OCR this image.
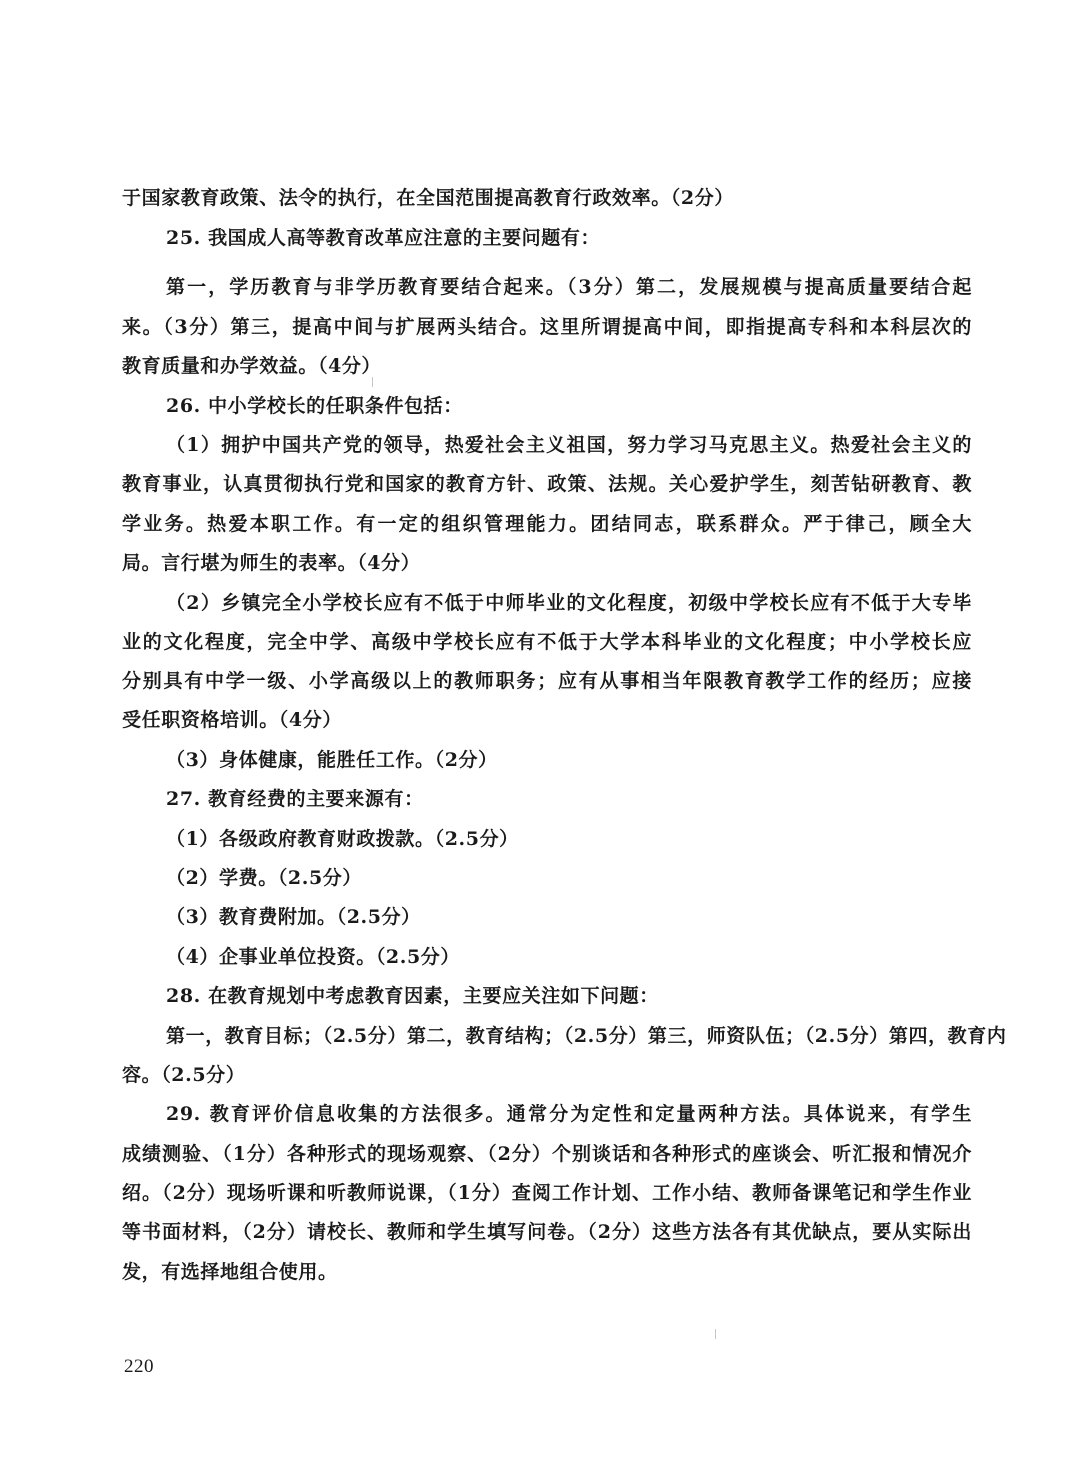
于国家教育政策、法令的执行，在全国范围提高教育行政效率。（2分）
25. 我国成人高等教育改革应注意的主要问题有：
第一，学历教育与非学历教育要结合起来。（3分）第二，发展规模与提高质量要结合起
来。（3分）第三，提高中间与扩展两头结合。这里所谓提高中间，即指提高专科和本科层次的
教育质量和办学效益。（4分）
26. 中小学校长的任职条件包括：
（1）拥护中国共产党的领导，热爱社会主义祖国，努力学习马克思主义。热爱社会主义的
教育事业，认真贯彻执行党和国家的教育方针、政策、法规。关心爱护学生，刻苦钻研教育、教
学业务。热爱本职工作。有一定的组织管理能力。团结同志，联系群众。严于律己，顾全大
局。言行堪为师生的表率。（4分）
（2）乡镇完全小学校长应有不低于中师毕业的文化程度，初级中学校长应有不低于大专毕
业的文化程度，完全中学、高级中学校长应有不低于大学本科毕业的文化程度；中小学校长应
分别具有中学一级、小学高级以上的教师职务；应有从事相当年限教育教学工作的经历；应接
受任职资格培训。（4分）
（3）身体健康，能胜任工作。（2分）
27. 教育经费的主要来源有：
（1）各级政府教育财政拨款。（2.5分）
（2）学费。（2.5分）
（3）教育费附加。（2.5分）
（4）企事业单位投资。（2.5分）
28. 在教育规划中考虑教育因素，主要应关注如下问题：
第一，教育目标；（2.5分）第二，教育结构；（2.5分）第三，师资队伍；（2.5分）第四，教育内
容。（2.5分）
29. 教育评价信息收集的方法很多。通常分为定性和定量两种方法。具体说来，有学生
成绩测验、（1分）各种形式的现场观察、（2分）个别谈话和各种形式的座谈会、听汇报和情况介
绍。（2分）现场听课和听教师说课，（1分）查阅工作计划、工作小结、教师备课笔记和学生作业
等书面材料，（2分）请校长、教师和学生填写问卷。（2分）这些方法各有其优缺点，要从实际出
发，有选择地组合使用。
220
